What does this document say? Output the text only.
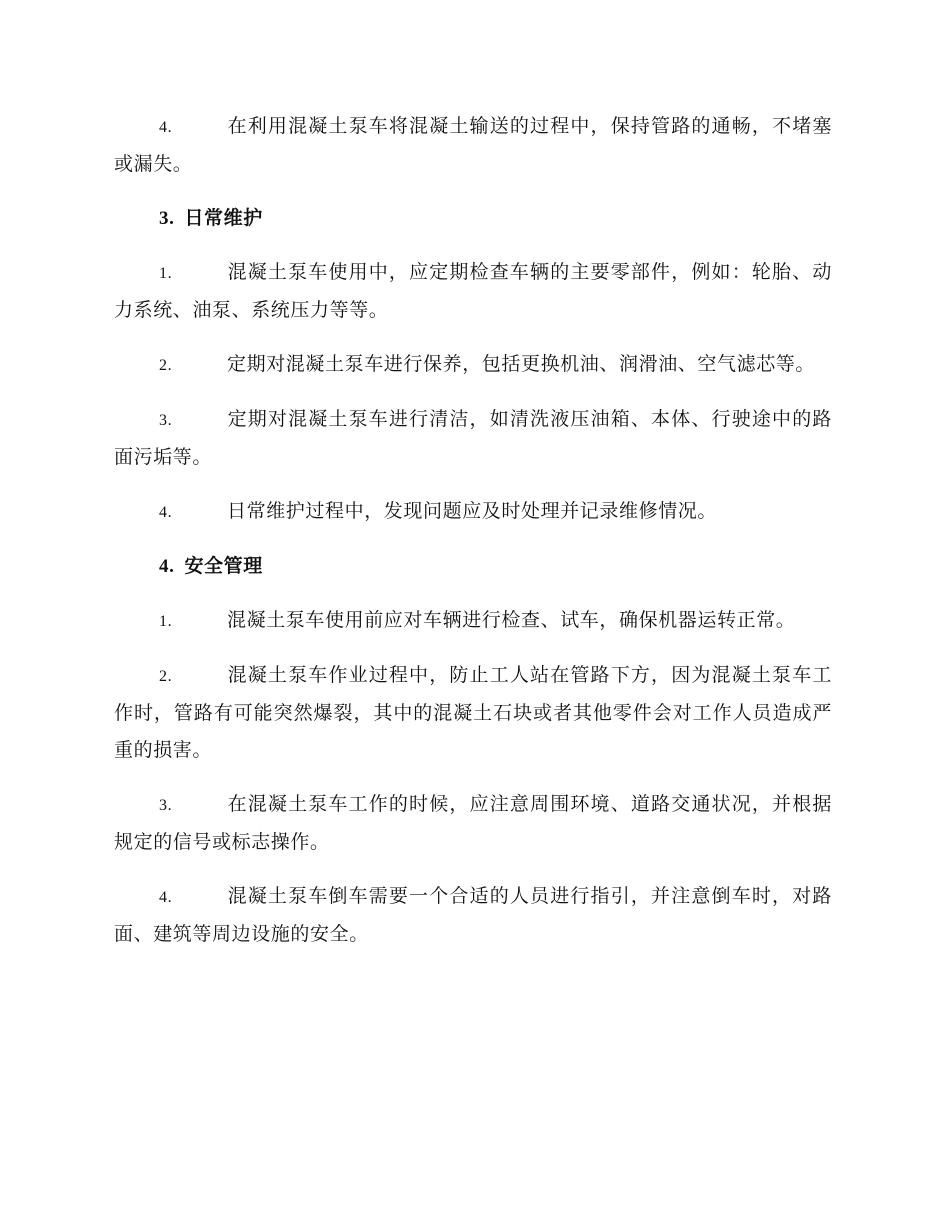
4.	在利用混凝土泵车将混凝土输送的过程中，保持管路的通畅，不堵塞或漏失。

3. 日常维护

1.	混凝土泵车使用中，应定期检查车辆的主要零部件，例如：轮胎、动力系统、油泵、系统压力等等。

2.	定期对混凝土泵车进行保养，包括更换机油、润滑油、空气滤芯等。

3.	定期对混凝土泵车进行清洁，如清洗液压油箱、本体、行驶途中的路面污垢等。

4.	日常维护过程中，发现问题应及时处理并记录维修情况。

4. 安全管理

1.	混凝土泵车使用前应对车辆进行检查、试车，确保机器运转正常。

2.	混凝土泵车作业过程中，防止工人站在管路下方，因为混凝土泵车工作时，管路有可能突然爆裂，其中的混凝土石块或者其他零件会对工作人员造成严重的损害。

3.	在混凝土泵车工作的时候，应注意周围环境、道路交通状况，并根据规定的信号或标志操作。

4.	混凝土泵车倒车需要一个合适的人员进行指引，并注意倒车时，对路面、建筑等周边设施的安全。
